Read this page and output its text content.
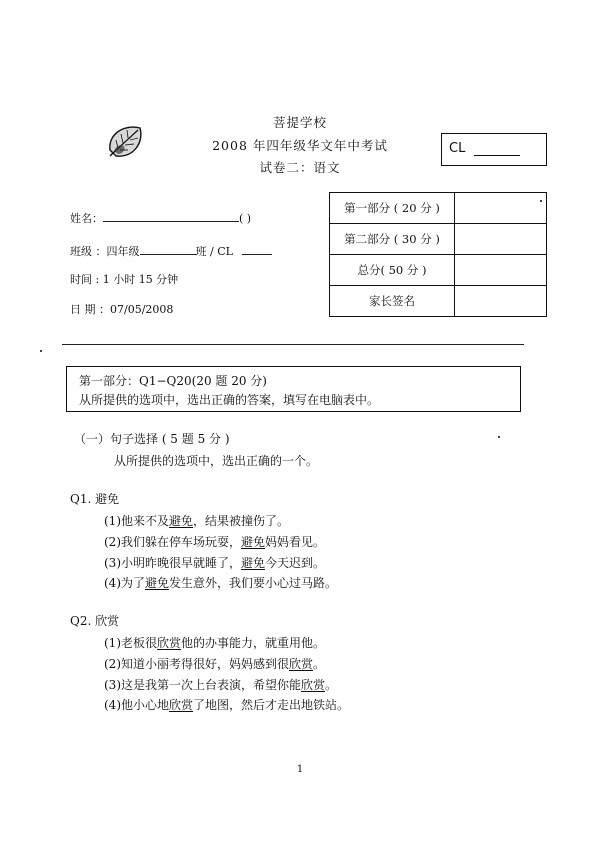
菩提学校
2008 年四年级华文年中考试
试卷二：语文
CL
姓名：	( )
班级 ：四年级	班 / CL
时间 : 1 小时 15 分钟
日 期 ：07/05/2008
第一部分 ( 20 分 )	
第二部分 ( 30 分 )	
总分( 50 分 )	
家长签名	
第一部分：Q1−Q20(20 题 20 分)
从所提供的选项中，选出正确的答案，填写在电脑表中。
（一）句子选择 ( 5 题 5 分 )
从所提供的选项中，选出正确的一个。
Q1. 避免
(1)他来不及避免，结果被撞伤了。
(2)我们躲在停车场玩耍，避免妈妈看见。
(3)小明昨晚很早就睡了，避免今天迟到。
(4)为了避免发生意外，我们要小心过马路。
Q2. 欣赏
(1)老板很欣赏他的办事能力，就重用他。
(2)知道小丽考得很好，妈妈感到很欣赏。
(3)这是我第一次上台表演，希望你能欣赏。
(4)他小心地欣赏了地图，然后才走出地铁站。
1
